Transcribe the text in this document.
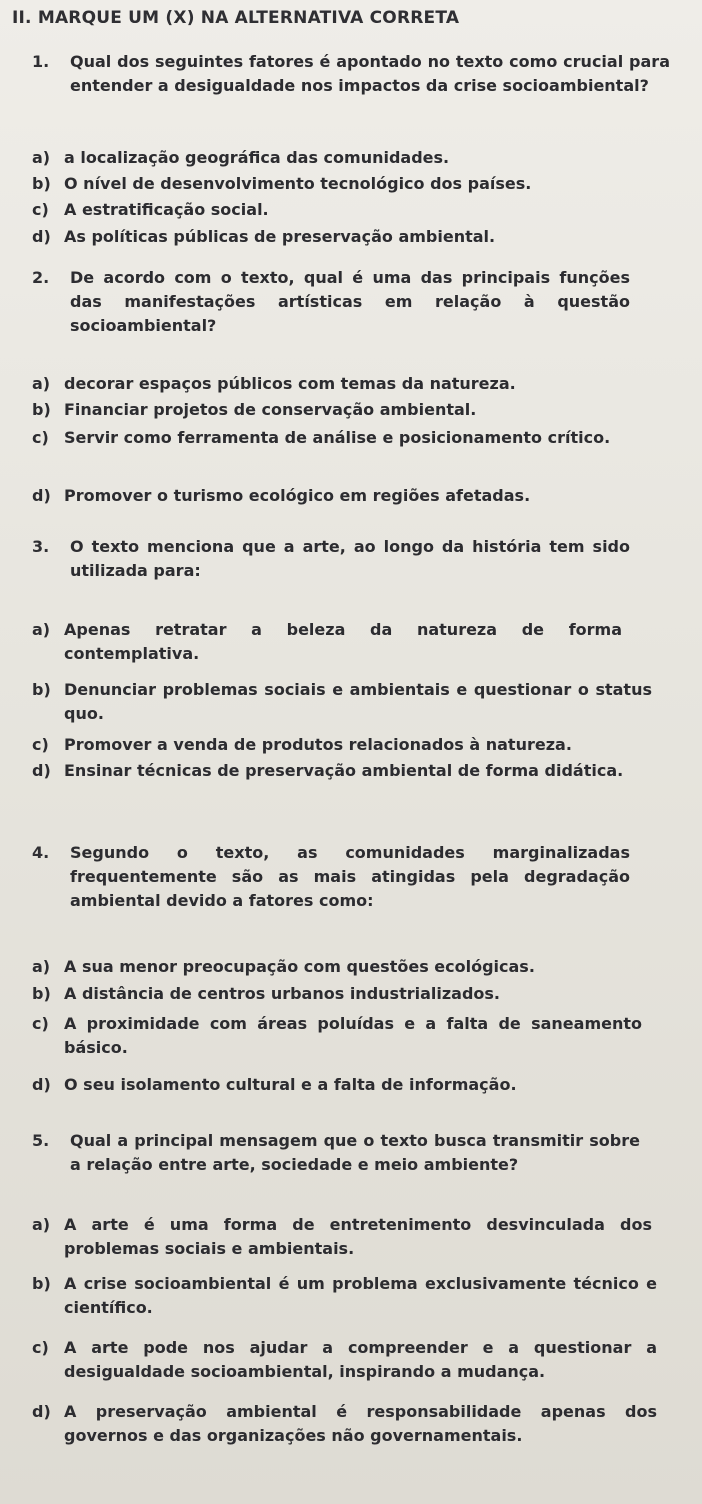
II. MARQUE UM (X) NA ALTERNATIVA CORRETA
1. Qual dos seguintes fatores é apontado no texto como crucial para entender a desigualdade nos impactos da crise socioambiental?
a) a localização geográfica das comunidades.
b) O nível de desenvolvimento tecnológico dos países.
c) A estratificação social.
d) As políticas públicas de preservação ambiental.
2. De acordo com o texto, qual é uma das principais funções das manifestações artísticas em relação à questão socioambiental?
a) decorar espaços públicos com temas da natureza.
b) Financiar projetos de conservação ambiental.
c) Servir como ferramenta de análise e posicionamento crítico.
d) Promover o turismo ecológico em regiões afetadas.
3. O texto menciona que a arte, ao longo da história tem sido utilizada para:
a) Apenas retratar a beleza da natureza de forma contemplativa.
b) Denunciar problemas sociais e ambientais e questionar o status quo.
c) Promover a venda de produtos relacionados à natureza.
d) Ensinar técnicas de preservação ambiental de forma didática.
4. Segundo o texto, as comunidades marginalizadas frequentemente são as mais atingidas pela degradação ambiental devido a fatores como:
a) A sua menor preocupação com questões ecológicas.
b) A distância de centros urbanos industrializados.
c) A proximidade com áreas poluídas e a falta de saneamento básico.
d) O seu isolamento cultural e a falta de informação.
5. Qual a principal mensagem que o texto busca transmitir sobre a relação entre arte, sociedade e meio ambiente?
a) A arte é uma forma de entretenimento desvinculada dos problemas sociais e ambientais.
b) A crise socioambiental é um problema exclusivamente técnico e científico.
c) A arte pode nos ajudar a compreender e a questionar a desigualdade socioambiental, inspirando a mudança.
d) A preservação ambiental é responsabilidade apenas dos governos e das organizações não governamentais.
